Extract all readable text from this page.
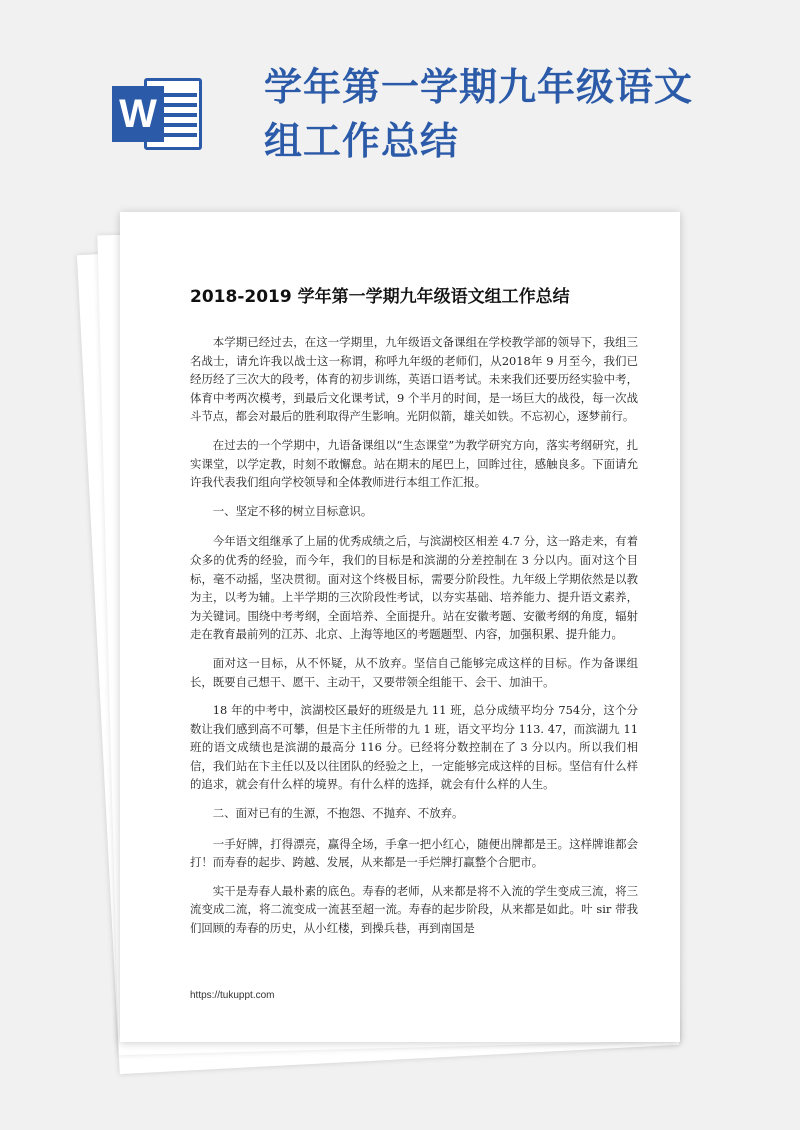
W
学年第一学期九年级语文组工作总结
2018-2019 学年第一学期九年级语文组工作总结

本学期已经过去，在这一学期里，九年级语文备课组在学校教学部的领导下，我组三名战士，请允许我以战士这一称谓，称呼九年级的老师们，从2018年 9 月至今，我们已经历经了三次大的段考，体育的初步训练，英语口语考试。未来我们还要历经实验中考，体育中考两次模考，到最后文化课考试，9 个半月的时间，是一场巨大的战役，每一次战斗节点，都会对最后的胜利取得产生影响。光阴似箭，雄关如铁。不忘初心，逐梦前行。

在过去的一个学期中，九语备课组以“生态课堂”为教学研究方向，落实考纲研究，扎实课堂，以学定教，时刻不敢懈怠。站在期末的尾巴上，回眸过往，感触良多。下面请允许我代表我们组向学校领导和全体教师进行本组工作汇报。

一、坚定不移的树立目标意识。

今年语文组继承了上届的优秀成绩之后，与滨湖校区相差 4.7 分，这一路走来，有着众多的优秀的经验，而今年，我们的目标是和滨湖的分差控制在 3 分以内。面对这个目标，毫不动摇，坚决贯彻。面对这个终极目标，需要分阶段性。九年级上学期依然是以教为主，以考为辅。上半学期的三次阶段性考试，以夯实基础、培养能力、提升语文素养，为关键词。围绕中考考纲，全面培养、全面提升。站在安徽考题、安徽考纲的角度，辐射走在教育最前列的江苏、北京、上海等地区的考题题型、内容，加强积累、提升能力。

面对这一目标，从不怀疑，从不放弃。坚信自己能够完成这样的目标。作为备课组长，既要自己想干、愿干、主动干，又要带领全组能干、会干、加油干。

18 年的中考中，滨湖校区最好的班级是九 11 班，总分成绩平均分 754分，这个分数让我们感到高不可攀，但是卞主任所带的九 1 班，语文平均分 113. 47，而滨湖九 11 班的语文成绩也是滨湖的最高分 116 分。已经将分数控制在了 3 分以内。所以我们相信，我们站在卞主任以及以往团队的经验之上，一定能够完成这样的目标。坚信有什么样的追求，就会有什么样的境界。有什么样的选择，就会有什么样的人生。

二、面对已有的生源，不抱怨、不抛弃、不放弃。

一手好牌，打得漂亮，赢得全场，手拿一把小红心，随便出牌都是王。这样牌谁都会打！而寿春的起步、跨越、发展，从来都是一手烂牌打赢整个合肥市。

实干是寿春人最朴素的底色。寿春的老师，从来都是将不入流的学生变成三流，将三流变成二流，将二流变成一流甚至超一流。寿春的起步阶段，从来都是如此。叶 sir 带我们回顾的寿春的历史，从小红楼，到操兵巷，再到南国是

https://tukuppt.com
